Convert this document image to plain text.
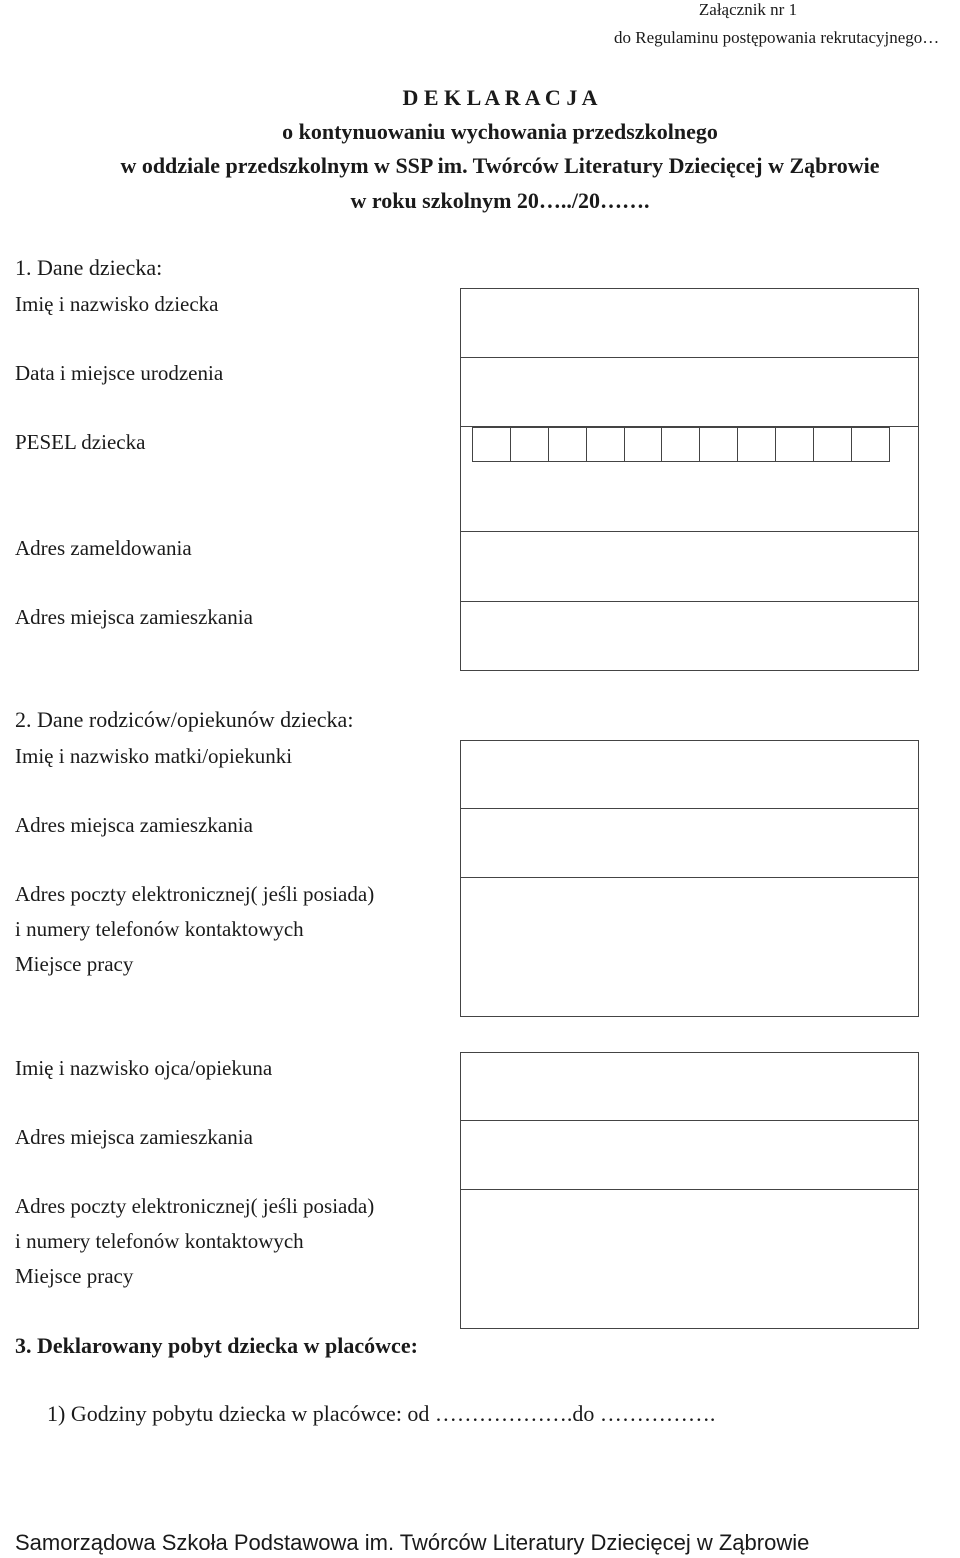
Załącznik nr 1
do Regulaminu postępowania rekrutacyjnego…
D E K L A R A C J A
o kontynuowaniu wychowania przedszkolnego
w oddziale przedszkolnym w SSP im. Twórców Literatury Dziecięcej w Ząbrowie
w roku szkolnym 20…../20…….
1. Dane dziecka:

Imię i nazwisko dziecka
Data i miejsce urodzenia
PESEL dziecka
Adres zameldowania
Adres miejsca zamieszkania
2. Dane rodziców/opiekunów dziecka:

Imię i nazwisko matki/opiekunki
Adres miejsca zamieszkania
Adres poczty elektronicznej( jeśli posiada)
i numery telefonów kontaktowych
Miejsce pracy

Imię i nazwisko ojca/opiekuna
Adres miejsca zamieszkania
Adres poczty elektronicznej( jeśli posiada)
i numery telefonów kontaktowych
Miejsce pracy
3. Deklarowany pobyt dziecka w placówce:
1) Godziny pobytu dziecka w placówce: od ……………….do …………….
Samorządowa Szkoła Podstawowa im. Twórców Literatury Dziecięcej w Ząbrowie
